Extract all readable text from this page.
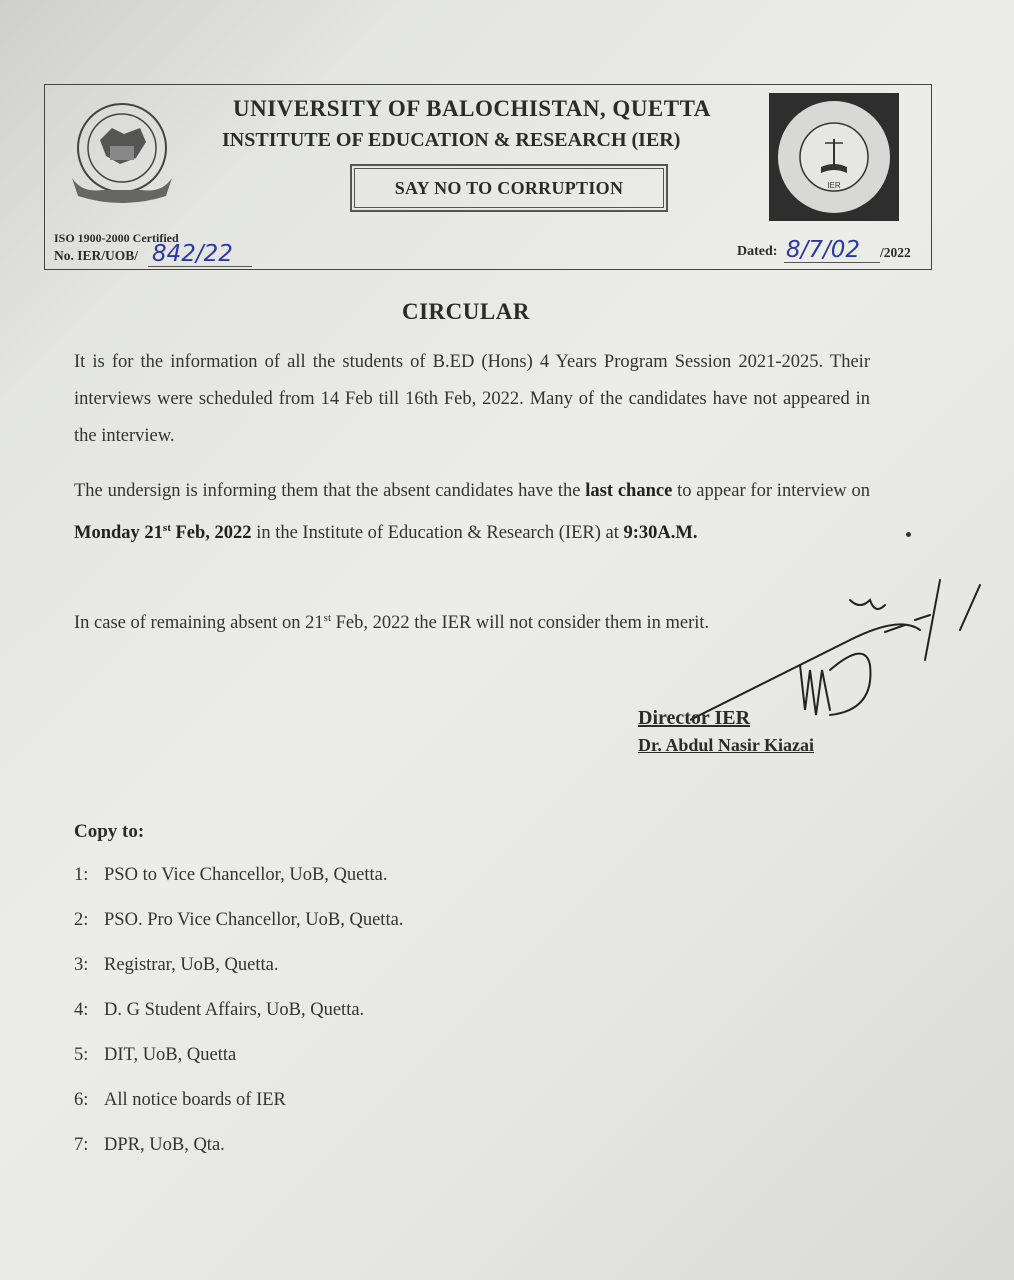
UNIVERSITY OF BALOCHISTAN, QUETTA
INSTITUTE OF EDUCATION & RESEARCH (IER)
SAY NO TO CORRUPTION	IER
ISO 1900-2000 Certified
No. IER/UOB/ 842/22	Dated: 8/7/02 /2022
CIRCULAR
It is for the information of all the students of B.ED (Hons) 4 Years Program Session 2021-2025. Their interviews were scheduled from 14 Feb till 16th Feb, 2022. Many of the candidates have not appeared in the interview.
The undersign is informing them that the absent candidates have the last chance to appear for interview on Monday 21st Feb, 2022 in the Institute of Education & Research (IER) at 9:30A.M.
In case of remaining absent on 21st Feb, 2022 the IER will not consider them in merit.
Director IER
Dr. Abdul Nasir Kiazai
Copy to:
1: PSO to Vice Chancellor, UoB, Quetta.
2: PSO. Pro Vice Chancellor, UoB, Quetta.
3: Registrar, UoB, Quetta.
4: D. G Student Affairs, UoB, Quetta.
5: DIT, UoB, Quetta
6: All notice boards of IER
7: DPR, UoB, Qta.
